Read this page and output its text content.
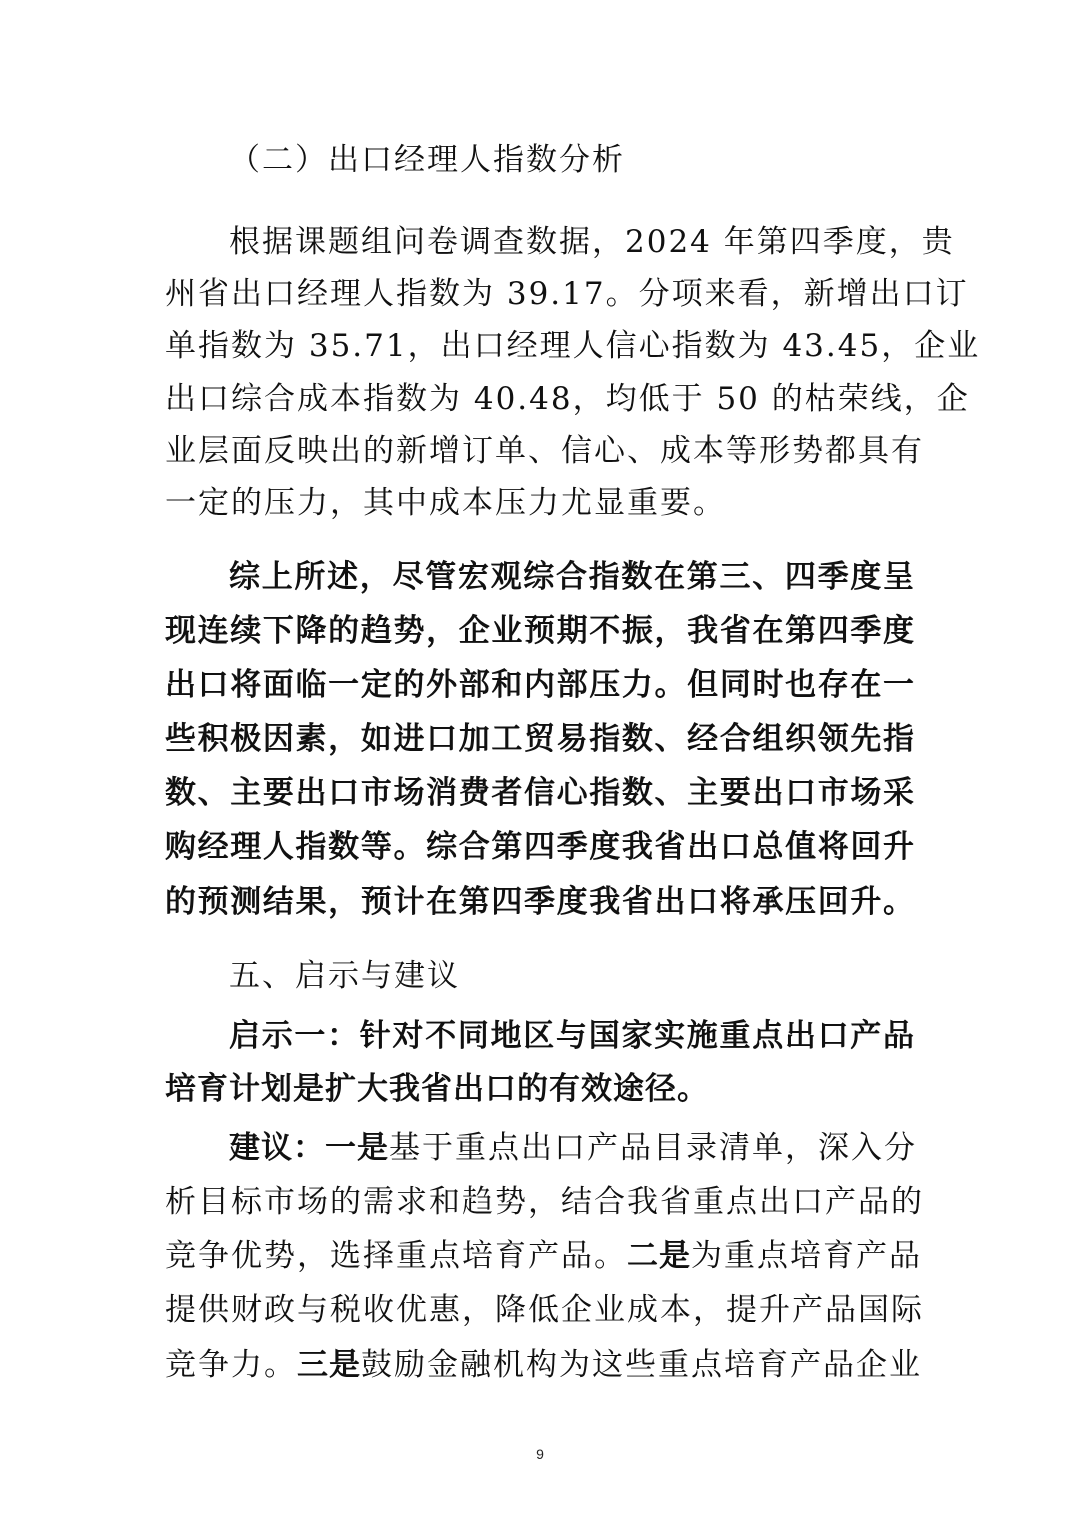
（二）出口经理人指数分析
根据课题组问卷调查数据，2024 年第四季度，贵
州省出口经理人指数为 39.17。分项来看，新增出口订
单指数为 35.71，出口经理人信心指数为 43.45，企业
出口综合成本指数为 40.48，均低于 50 的枯荣线，企
业层面反映出的新增订单、信心、成本等形势都具有
一定的压力，其中成本压力尤显重要。
综上所述，尽管宏观综合指数在第三、四季度呈
现连续下降的趋势，企业预期不振，我省在第四季度
出口将面临一定的外部和内部压力。但同时也存在一
些积极因素，如进口加工贸易指数、经合组织领先指
数、主要出口市场消费者信心指数、主要出口市场采
购经理人指数等。综合第四季度我省出口总值将回升
的预测结果，预计在第四季度我省出口将承压回升。
五、启示与建议
启示一：针对不同地区与国家实施重点出口产品
培育计划是扩大我省出口的有效途径。
建议：一是基于重点出口产品目录清单，深入分
析目标市场的需求和趋势，结合我省重点出口产品的
竞争优势，选择重点培育产品。二是为重点培育产品
提供财政与税收优惠，降低企业成本，提升产品国际
竞争力。三是鼓励金融机构为这些重点培育产品企业
9
